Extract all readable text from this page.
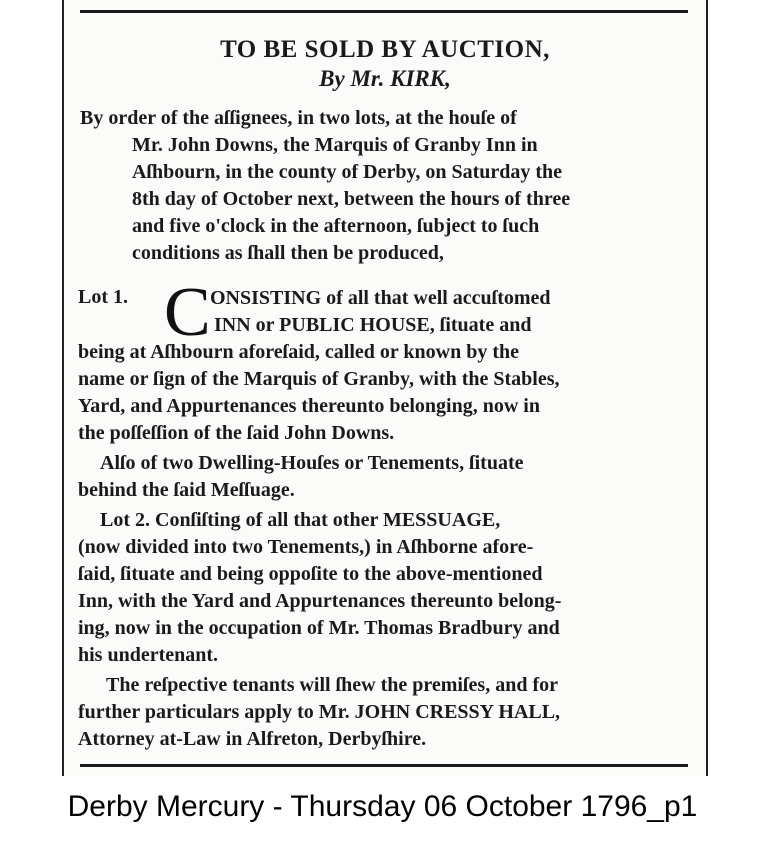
TO BE SOLD BY AUCTION,
By Mr. KIRK,
By order of the aſſignees, in two lots, at the houſe of
Mr. John Downs, the Marquis of Granby Inn in
Aſhbourn, in the county of Derby, on Saturday the
8th day of October next, between the hours of three
and five o'clock in the afternoon, ſubject to ſuch
conditions as ſhall then be produced,
Lot 1. C ONSISTING of all that well accuſtomed
INN or PUBLIC HOUSE, ſituate and
being at Aſhbourn aforeſaid, called or known by the
name or ſign of the Marquis of Granby, with the Stables,
Yard, and Appurtenances thereunto belonging, now in
the poſſeſſion of the ſaid John Downs.
Alſo of two Dwelling-Houſes or Tenements, ſituate
behind the ſaid Meſſuage.
Lot 2. Conſiſting of all that other MESSUAGE,
(now divided into two Tenements,) in Aſhborne afore-
ſaid, ſituate and being oppoſite to the above-mentioned
Inn, with the Yard and Appurtenances thereunto belong-
ing, now in the occupation of Mr. Thomas Bradbury and
his undertenant.
The reſpective tenants will ſhew the premiſes, and for
further particulars apply to Mr. JOHN CRESSY HALL,
Attorney at-Law in Alfreton, Derbyſhire.
Derby Mercury - Thursday 06 October 1796_p1
